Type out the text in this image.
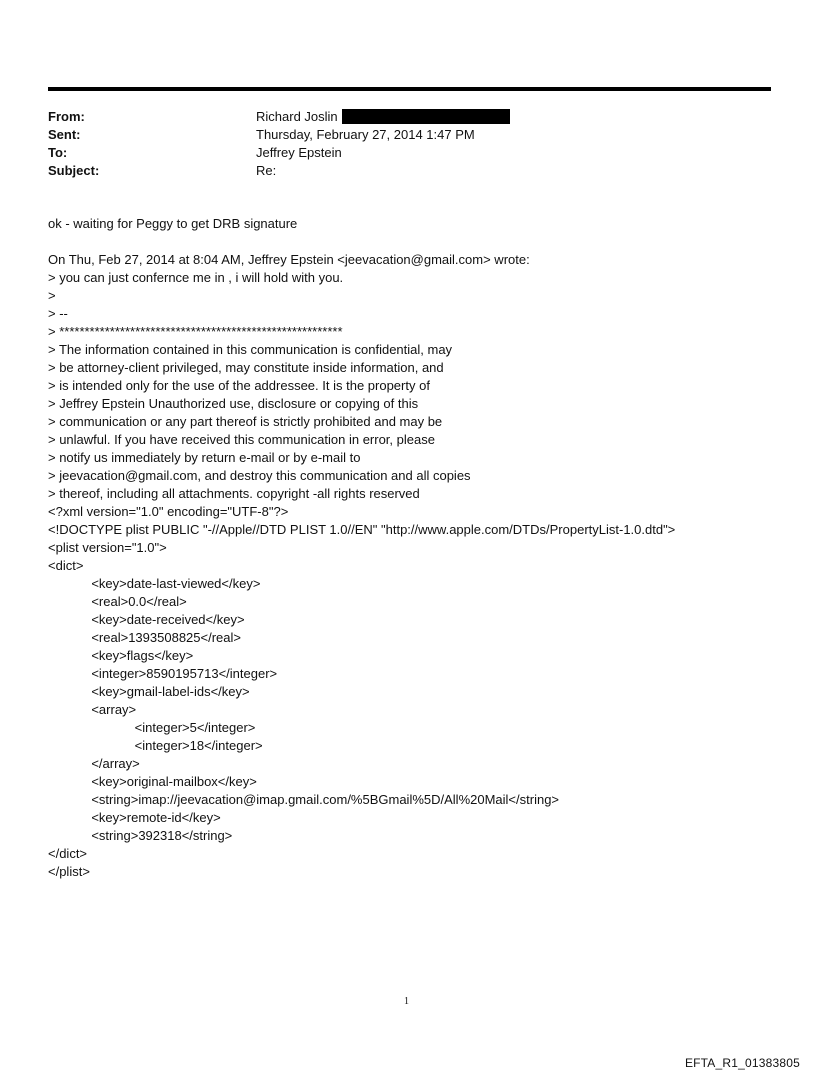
From:	Richard Joslin
Sent:	Thursday, February 27, 2014 1:47 PM
To:	Jeffrey Epstein
Subject:	Re:
ok - waiting for Peggy to get DRB signature
On Thu, Feb 27, 2014 at 8:04 AM, Jeffrey Epstein <jeevacation@gmail.com> wrote:
> you can just confernce me in , i will hold with you.
>
> --
> ********************************************************
> The information contained in this communication is confidential, may
> be attorney-client privileged, may constitute inside information, and
> is intended only for the use of the addressee. It is the property of
> Jeffrey Epstein Unauthorized use, disclosure or copying of this
> communication or any part thereof is strictly prohibited and may be
> unlawful. If you have received this communication in error, please
> notify us immediately by return e-mail or by e-mail to
> jeevacation@gmail.com, and destroy this communication and all copies
> thereof, including all attachments. copyright -all rights reserved
<?xml version="1.0" encoding="UTF-8"?>
<!DOCTYPE plist PUBLIC "-//Apple//DTD PLIST 1.0//EN" "http://www.apple.com/DTDs/PropertyList-1.0.dtd">
<plist version="1.0">
<dict>
<key>date-last-viewed</key>
<real>0.0</real>
<key>date-received</key>
<real>1393508825</real>
<key>flags</key>
<integer>8590195713</integer>
<key>gmail-label-ids</key>
<array>
<integer>5</integer>
<integer>18</integer>
</array>
<key>original-mailbox</key>
<string>imap://jeevacation@imap.gmail.com/%5BGmail%5D/All%20Mail</string>
<key>remote-id</key>
<string>392318</string>
</dict>
</plist>
1
EFTA_R1_01383805
